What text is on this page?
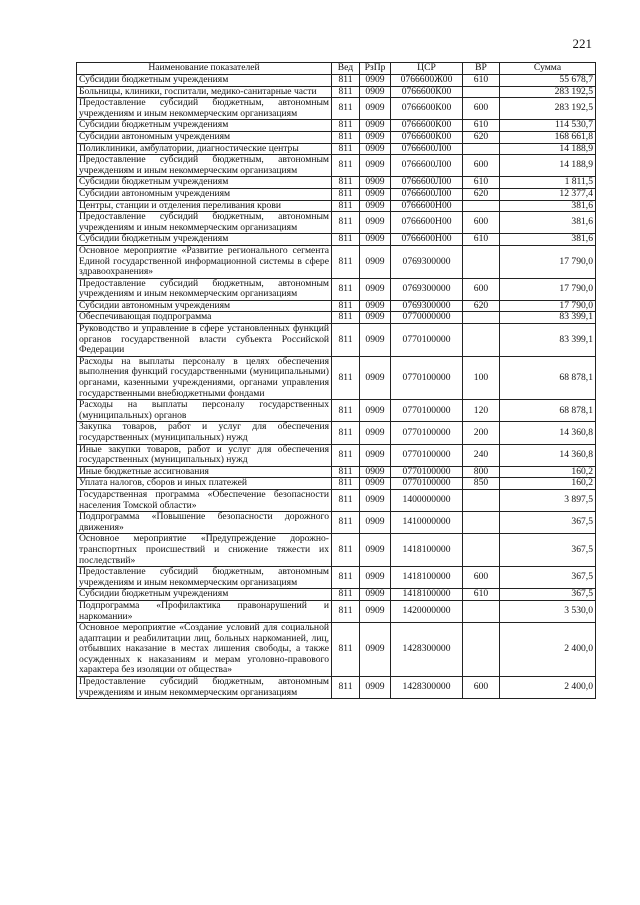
221
Наименование показателей	Вед	РзПр	ЦСР	ВР	Сумма
Субсидии бюджетным учреждениям	811	0909	0766600Ж00	610	55 678,7
Больницы, клиники, госпитали, медико-санитарные части	811	0909	0766600К00		283 192,5
Предоставление субсидий бюджетным, автономным учреждениям и иным некоммерческим организациям	811	0909	0766600К00	600	283 192,5
Субсидии бюджетным учреждениям	811	0909	0766600К00	610	114 530,7
Субсидии автономным учреждениям	811	0909	0766600К00	620	168 661,8
Поликлиники, амбулатории, диагностические центры	811	0909	0766600Л00		14 188,9
Предоставление субсидий бюджетным, автономным учреждениям и иным некоммерческим организациям	811	0909	0766600Л00	600	14 188,9
Субсидии бюджетным учреждениям	811	0909	0766600Л00	610	1 811,5
Субсидии автономным учреждениям	811	0909	0766600Л00	620	12 377,4
Центры, станции и отделения переливания крови	811	0909	0766600Н00		381,6
Предоставление субсидий бюджетным, автономным учреждениям и иным некоммерческим организациям	811	0909	0766600Н00	600	381,6
Субсидии бюджетным учреждениям	811	0909	0766600Н00	610	381,6
Основное мероприятие «Развитие регионального сегмента Единой государственной информационной системы в сфере здравоохранения»	811	0909	0769300000		17 790,0
Предоставление субсидий бюджетным, автономным учреждениям и иным некоммерческим организациям	811	0909	0769300000	600	17 790,0
Субсидии автономным учреждениям	811	0909	0769300000	620	17 790,0
Обеспечивающая подпрограмма	811	0909	0770000000		83 399,1
Руководство и управление в сфере установленных функций органов государственной власти субъекта Российской Федерации	811	0909	0770100000		83 399,1
Расходы на выплаты персоналу в целях обеспечения выполнения функций государственными (муниципальными) органами, казенными учреждениями, органами управления государственными внебюджетными фондами	811	0909	0770100000	100	68 878,1
Расходы на выплаты персоналу государственных (муниципальных) органов	811	0909	0770100000	120	68 878,1
Закупка товаров, работ и услуг для обеспечения государственных (муниципальных) нужд	811	0909	0770100000	200	14 360,8
Иные закупки товаров, работ и услуг для обеспечения государственных (муниципальных) нужд	811	0909	0770100000	240	14 360,8
Иные бюджетные ассигнования	811	0909	0770100000	800	160,2
Уплата налогов, сборов и иных платежей	811	0909	0770100000	850	160,2
Государственная программа «Обеспечение безопасности населения Томской области»	811	0909	1400000000		3 897,5
Подпрограмма «Повышение безопасности дорожного движения»	811	0909	1410000000		367,5
Основное мероприятие «Предупреждение дорожно-транспортных происшествий и снижение тяжести их последствий»	811	0909	1418100000		367,5
Предоставление субсидий бюджетным, автономным учреждениям и иным некоммерческим организациям	811	0909	1418100000	600	367,5
Субсидии бюджетным учреждениям	811	0909	1418100000	610	367,5
Подпрограмма «Профилактика правонарушений и наркомании»	811	0909	1420000000		3 530,0
Основное мероприятие «Создание условий для социальной адаптации и реабилитации лиц, больных наркоманией, лиц, отбывших наказание в местах лишения свободы, а также осужденных к наказаниям и мерам уголовно-правового характера без изоляции от общества»	811	0909	1428300000		2 400,0
Предоставление субсидий бюджетным, автономным учреждениям и иным некоммерческим организациям	811	0909	1428300000	600	2 400,0
